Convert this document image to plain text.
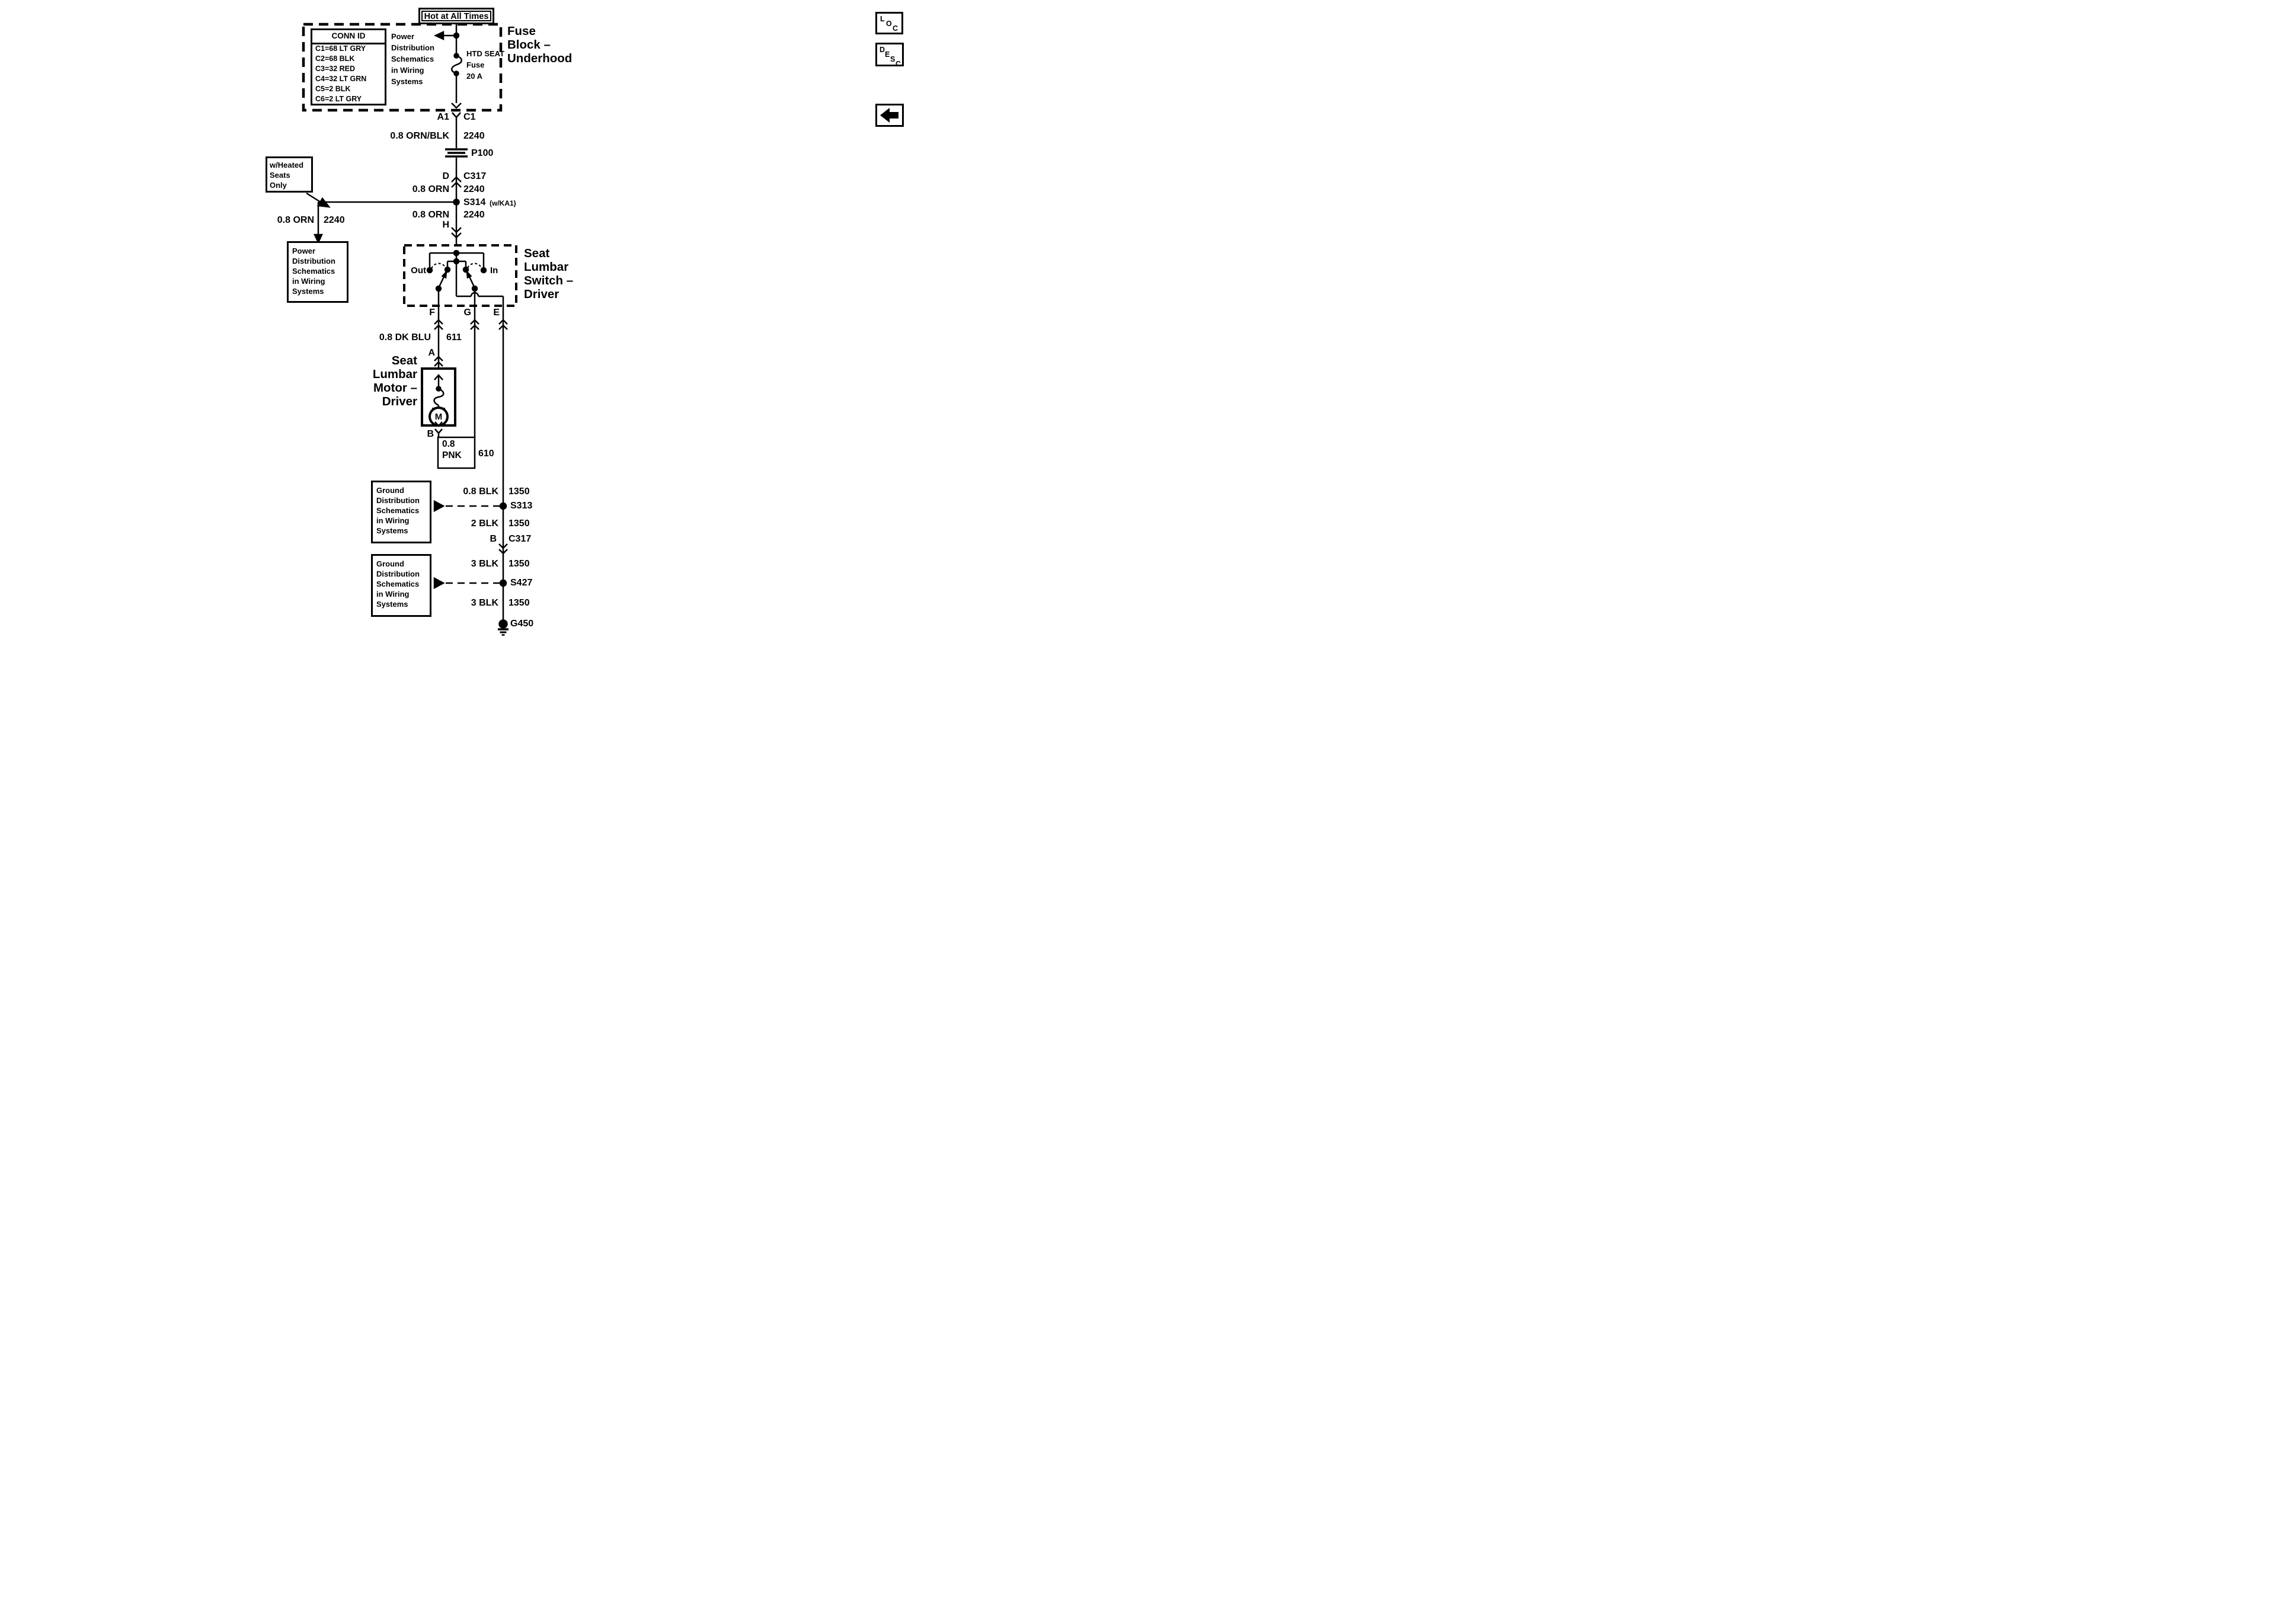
Hot at All Times
Fuse
Block –
Underhood
CONN ID
C1=68 LT GRY
C2=68 BLK
C3=32 RED
C4=32 LT GRN
C5=2 BLK
C6=2 LT GRY
Power
Distribution
Schematics
in Wiring
Systems
HTD SEAT
Fuse
20 A
A1 C1
0.8 ORN/BLK 2240
P100
D C317
0.8 ORN 2240
S314 (w/KA1)
0.8 ORN 2240
H
w/Heated
Seats
Only
0.8 ORN 2240
Power
Distribution
Schematics
in Wiring
Systems
Seat
Lumbar
Switch –
Driver
Out	In
F	G	E
0.8 DK BLU 611
A
Seat
Lumbar
Motor –
Driver
M
B
0.8
PNK 610
0.8 BLK 1350
Ground
Distribution
Schematics
in Wiring
Systems
S313
2 BLK 1350
B C317
3 BLK 1350
Ground
Distribution
Schematics
in Wiring
Systems
S427
3 BLK 1350
G450
L
O
C
D
E
S
C
